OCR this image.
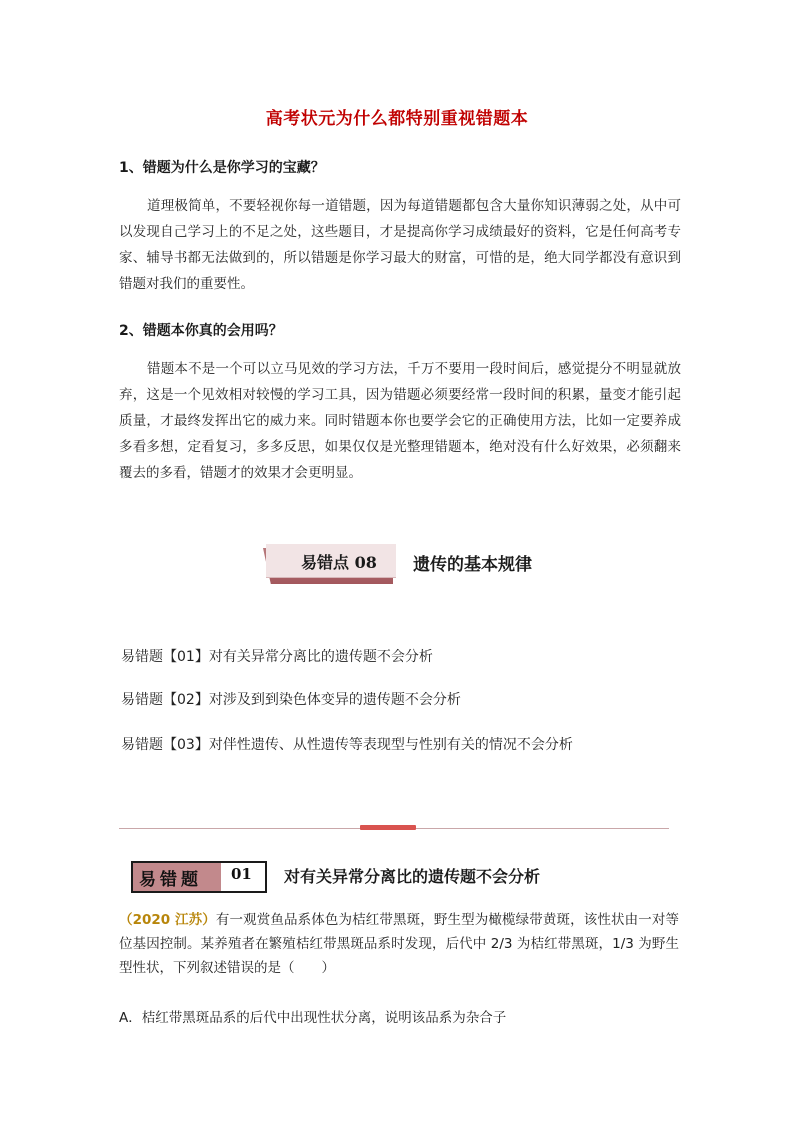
高考状元为什么都特别重视错题本
1、错题为什么是你学习的宝藏？
道理极简单，不要轻视你每一道错题，因为每道错题都包含大量你知识薄弱之处，从中可以发现自己学习上的不足之处，这些题目，才是提高你学习成绩最好的资料，它是任何高考专家、辅导书都无法做到的，所以错题是你学习最大的财富，可惜的是，绝大同学都没有意识到错题对我们的重要性。
2、错题本你真的会用吗？
错题本不是一个可以立马见效的学习方法，千万不要用一段时间后，感觉提分不明显就放弃，这是一个见效相对较慢的学习工具，因为错题必须要经常一段时间的积累，量变才能引起质量，才最终发挥出它的威力来。同时错题本你也要学会它的正确使用方法，比如一定要养成多看多想，定看复习，多多反思，如果仅仅是光整理错题本，绝对没有什么好效果，必须翻来覆去的多看，错题才的效果才会更明显。
易错点 08 遗传的基本规律
易错题【01】对有关异常分离比的遗传题不会分析
易错题【02】对涉及到到染色体变异的遗传题不会分析
易错题【03】对伴性遗传、从性遗传等表现型与性别有关的情况不会分析
易错题 01 对有关异常分离比的遗传题不会分析
（2020 江苏）有一观赏鱼品系体色为桔红带黑斑，野生型为橄榄绿带黄斑，该性状由一对等位基因控制。某养殖者在繁殖桔红带黑斑品系时发现，后代中 2/3 为桔红带黑斑，1/3 为野生型性状，下列叙述错误的是（　　）
A．桔红带黑斑品系的后代中出现性状分离，说明该品系为杂合子
